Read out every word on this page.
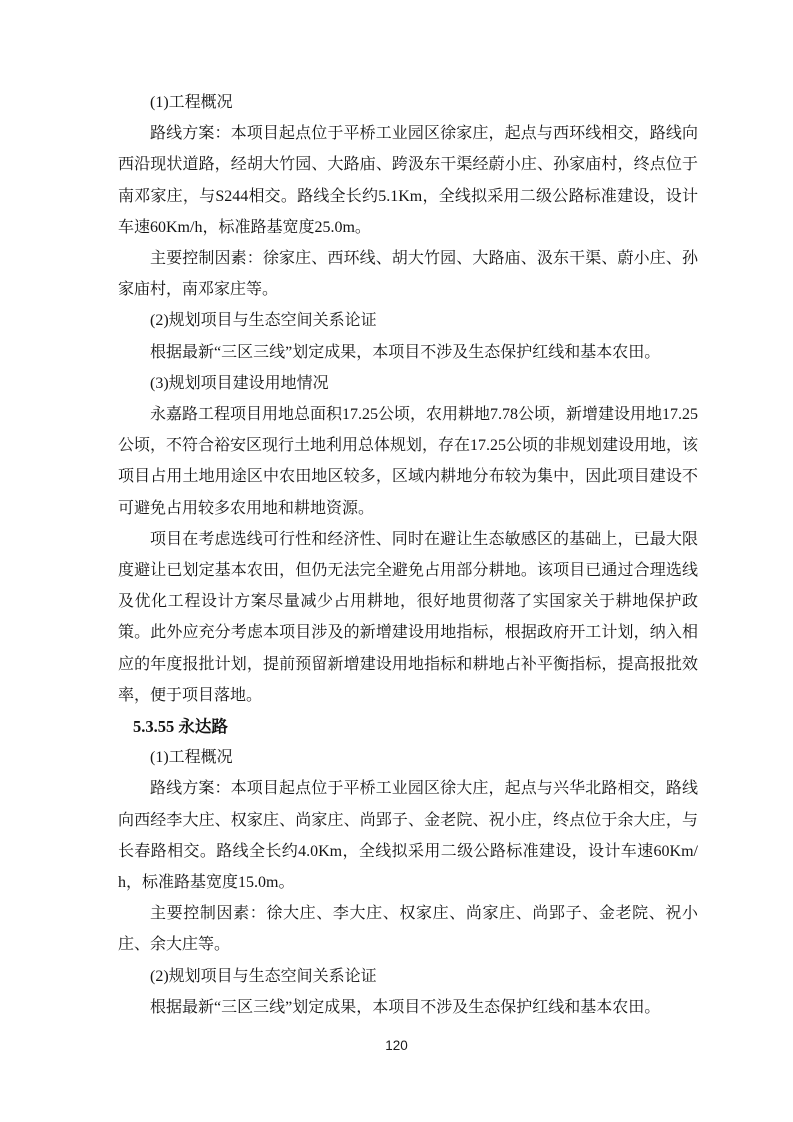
(1)工程概况

路线方案：本项目起点位于平桥工业园区徐家庄，起点与西环线相交，路线向西沿现状道路，经胡大竹园、大路庙、跨汲东干渠经蔚小庄、孙家庙村，终点位于南邓家庄，与S244相交。路线全长约5.1Km，全线拟采用二级公路标准建设，设计车速60Km/h，标准路基宽度25.0m。

主要控制因素：徐家庄、西环线、胡大竹园、大路庙、汲东干渠、蔚小庄、孙家庙村，南邓家庄等。

(2)规划项目与生态空间关系论证

根据最新“三区三线”划定成果，本项目不涉及生态保护红线和基本农田。

(3)规划项目建设用地情况

永嘉路工程项目用地总面积17.25公顷，农用耕地7.78公顷，新增建设用地17.25公顷，不符合裕安区现行土地利用总体规划，存在17.25公顷的非规划建设用地，该项目占用土地用途区中农田地区较多，区域内耕地分布较为集中，因此项目建设不可避免占用较多农用地和耕地资源。

项目在考虑选线可行性和经济性、同时在避让生态敏感区的基础上，已最大限度避让已划定基本农田，但仍无法完全避免占用部分耕地。该项目已通过合理选线及优化工程设计方案尽量减少占用耕地，很好地贯彻落了实国家关于耕地保护政策。此外应充分考虑本项目涉及的新增建设用地指标，根据政府开工计划，纳入相应的年度报批计划，提前预留新增建设用地指标和耕地占补平衡指标，提高报批效率，便于项目落地。

5.3.55 永达路

(1)工程概况

路线方案：本项目起点位于平桥工业园区徐大庄，起点与兴华北路相交，路线向西经李大庄、权家庄、尚家庄、尚郢子、金老院、祝小庄，终点位于余大庄，与长春路相交。路线全长约4.0Km，全线拟采用二级公路标准建设，设计车速60Km/h，标准路基宽度15.0m。

主要控制因素：徐大庄、李大庄、权家庄、尚家庄、尚郢子、金老院、祝小庄、余大庄等。

(2)规划项目与生态空间关系论证

根据最新“三区三线”划定成果，本项目不涉及生态保护红线和基本农田。

120
